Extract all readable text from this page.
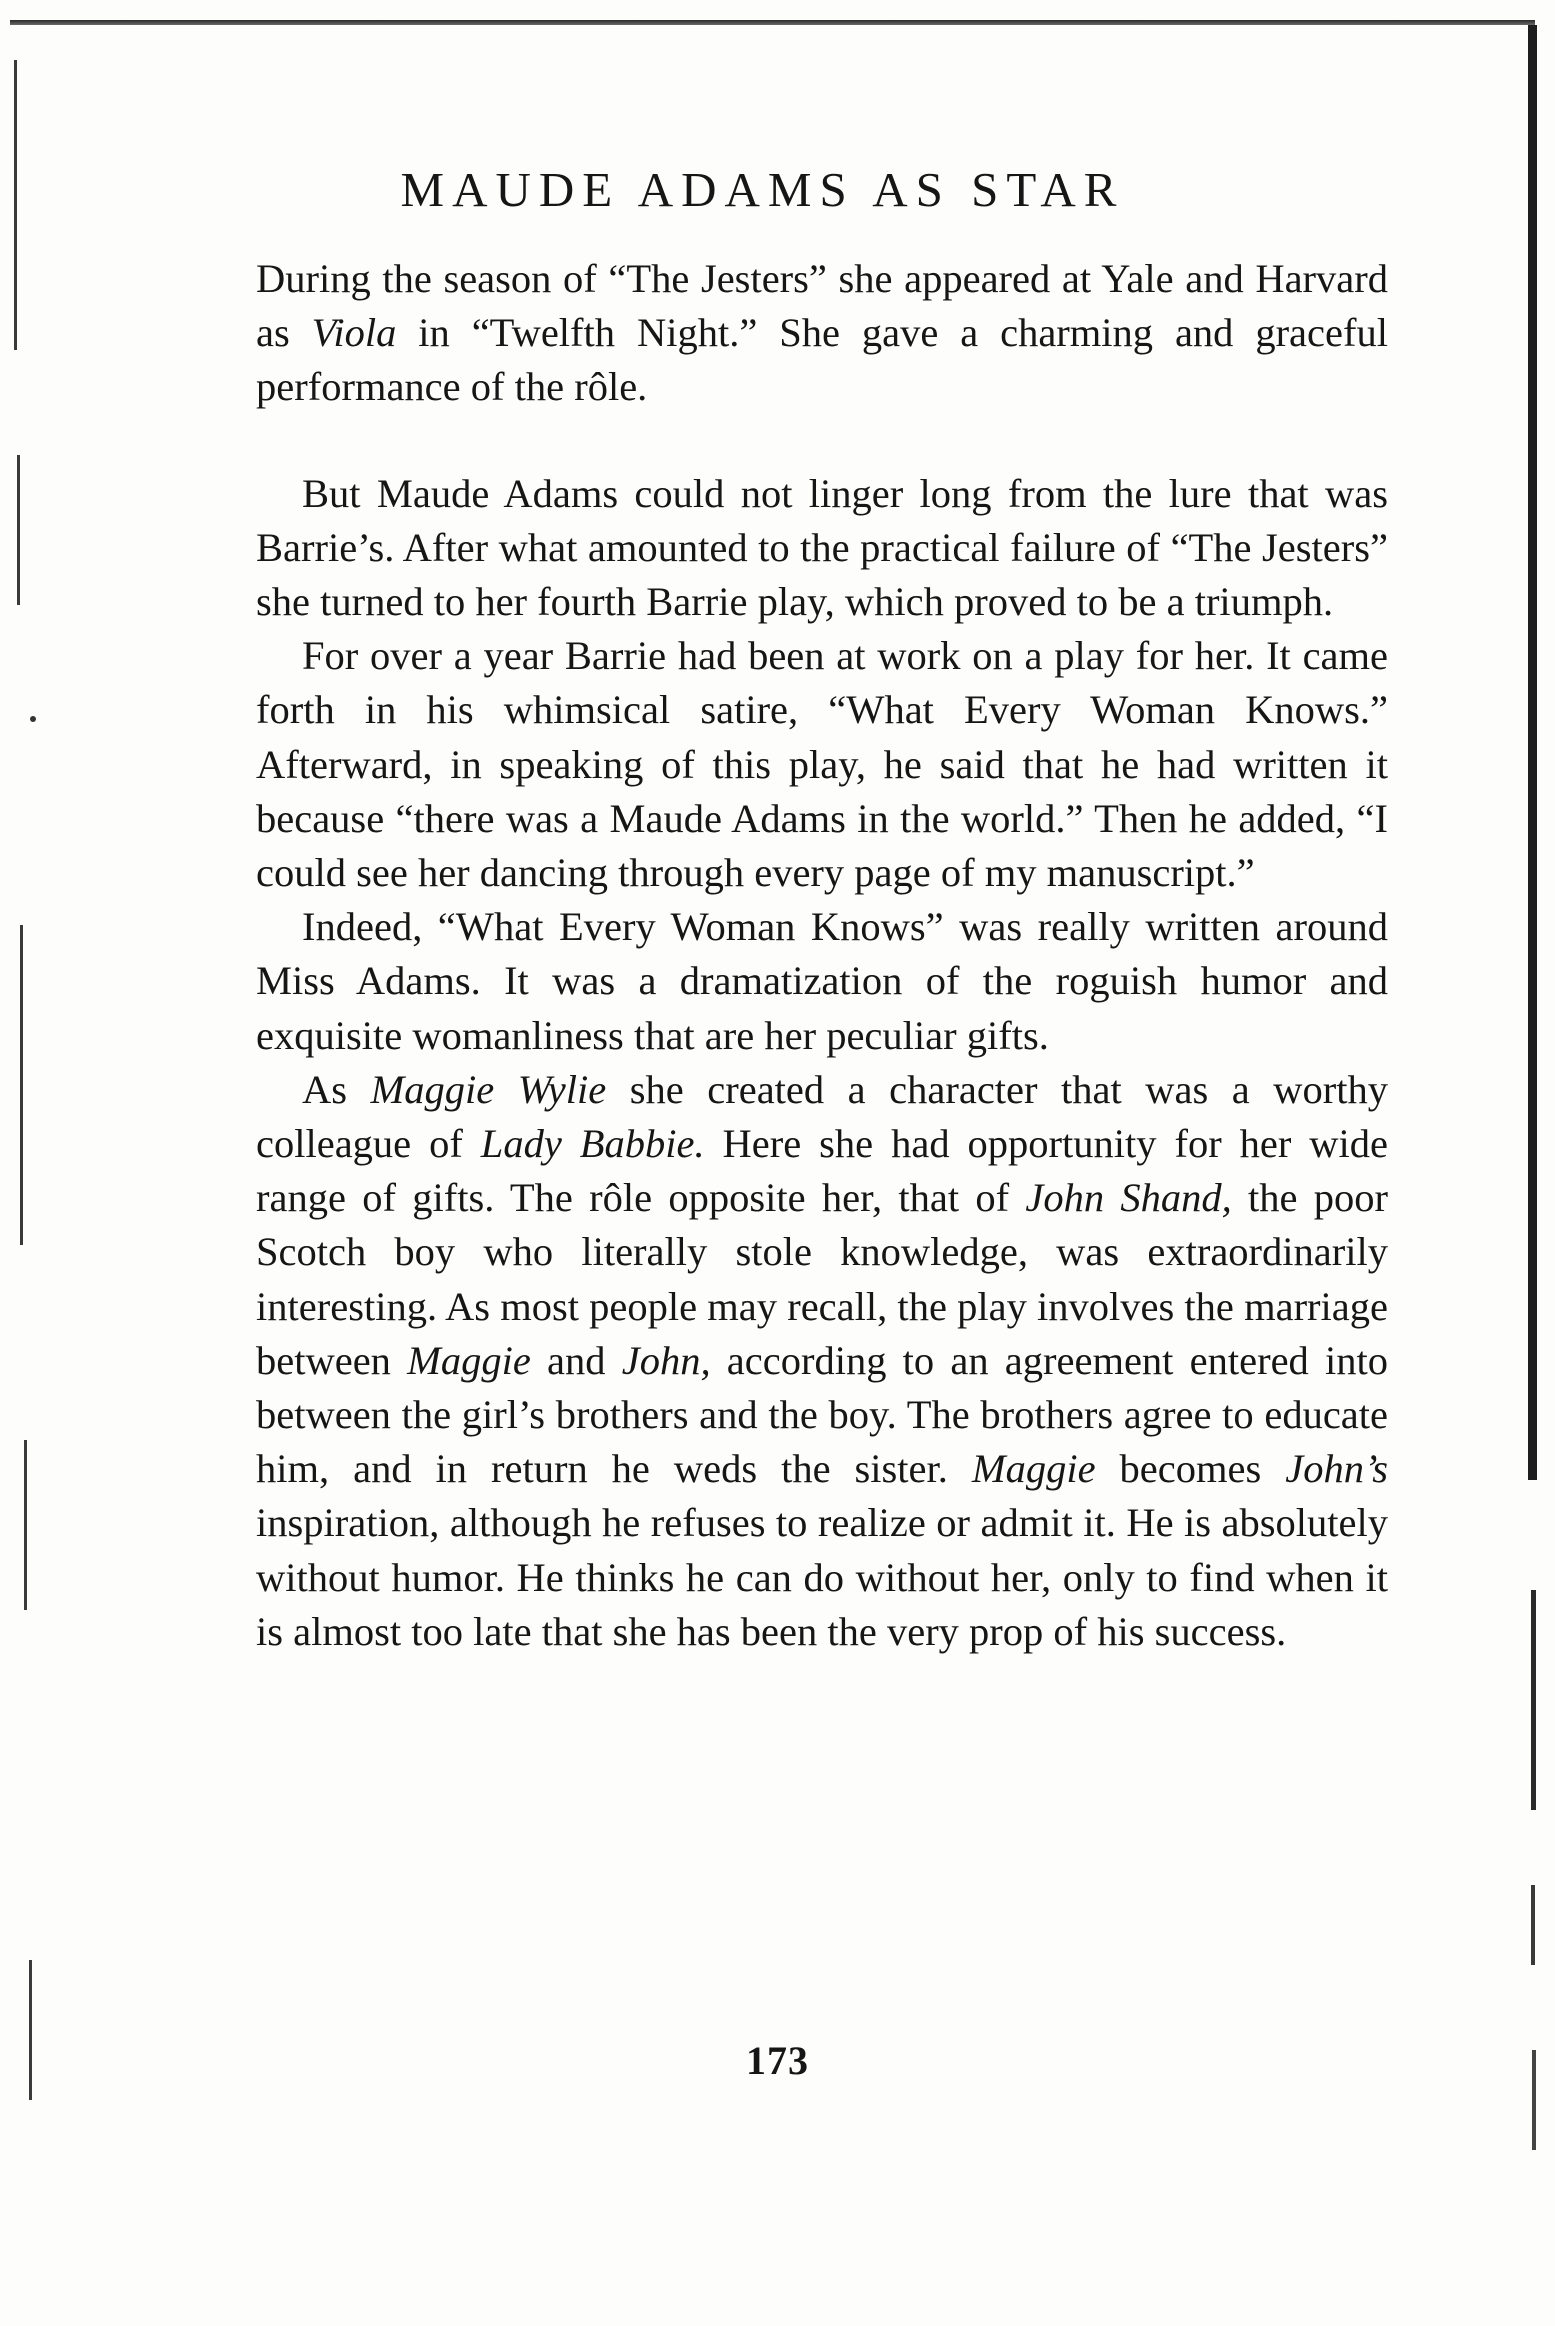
MAUDE ADAMS AS STAR

During the season of “The Jesters” she appeared at Yale and Harvard as Viola in “Twelfth Night.” She gave a charming and graceful performance of the rôle.

But Maude Adams could not linger long from the lure that was Barrie’s. After what amounted to the practical failure of “The Jesters” she turned to her fourth Barrie play, which proved to be a triumph.

For over a year Barrie had been at work on a play for her. It came forth in his whimsical satire, “What Every Woman Knows.” Afterward, in speaking of this play, he said that he had written it because “there was a Maude Adams in the world.” Then he added, “I could see her dancing through every page of my manuscript.”

Indeed, “What Every Woman Knows” was really written around Miss Adams. It was a dramatization of the roguish humor and exquisite womanliness that are her peculiar gifts.

As Maggie Wylie she created a character that was a worthy colleague of Lady Babbie. Here she had opportunity for her wide range of gifts. The rôle opposite her, that of John Shand, the poor Scotch boy who literally stole knowledge, was extraordinarily interesting. As most people may recall, the play involves the marriage between Maggie and John, according to an agreement entered into between the girl’s brothers and the boy. The brothers agree to educate him, and in return he weds the sister. Maggie becomes John’s inspiration, although he refuses to realize or admit it. He is absolutely without humor. He thinks he can do without her, only to find when it is almost too late that she has been the very prop of his success.

173
